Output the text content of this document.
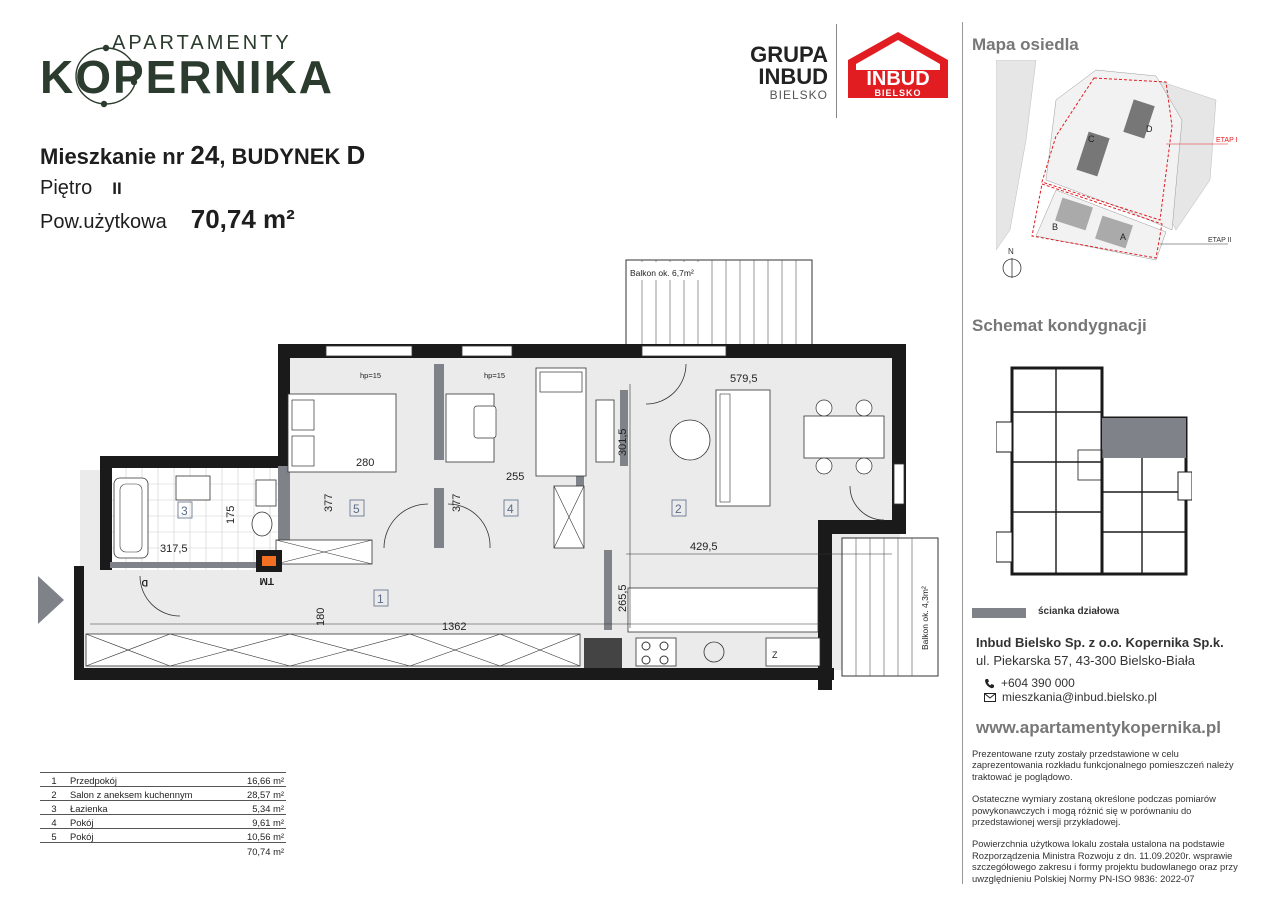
APARTAMENTY
KOPERNIKA	GRUPA
INBUD
BIELSKO
INBUD
BIELSKO
Mieszkanie nr 24, BUDYNEK D
Piętro II
Pow.użytkowa 70,74 m²
Balkon ok. 6,7m²
Balkon ok. 4,3m²
hp=15	hp=15
TM
D
Z
579,5
301,5
280
255
377	377
175
317,5	429,5
265,5
180
1362
1
2
3	4
5
Mapa osiedla
ETAP I
ETAP II
A
B
C
D
N
Schemat kondygnacji
ścianka działowa
Inbud Bielsko Sp. z o.o. Kopernika Sp.k.
ul. Piekarska 57, 43-300 Bielsko-Biała
+604 390 000
mieszkania@inbud.bielsko.pl
www.apartamentykopernika.pl

Prezentowane rzuty zostały przedstawione w celu zaprezentowania rozkładu funkcjonalnego pomieszczeń należy traktować je poglądowo.

Ostateczne wymiary zostaną określone podczas pomiarów powykonawczych i mogą różnić się w porównaniu do przedstawionej wersji przykładowej.

Powierzchnia użytkowa lokalu została ustalona na podstawie Rozporządzenia Ministra Rozwoju z dn. 11.09.2020r. wsprawie szczegółowego zakresu i formy projektu budowlanego oraz przy uwzględnieniu Polskiej Normy PN-ISO 9836: 2022-07

1	Przedpokój	16,66 m²
2	Salon z aneksem kuchennym	28,57 m²
3	Łazienka	5,34 m²
4	Pokój	9,61 m²
5	Pokój	10,56 m²
		70,74 m²
